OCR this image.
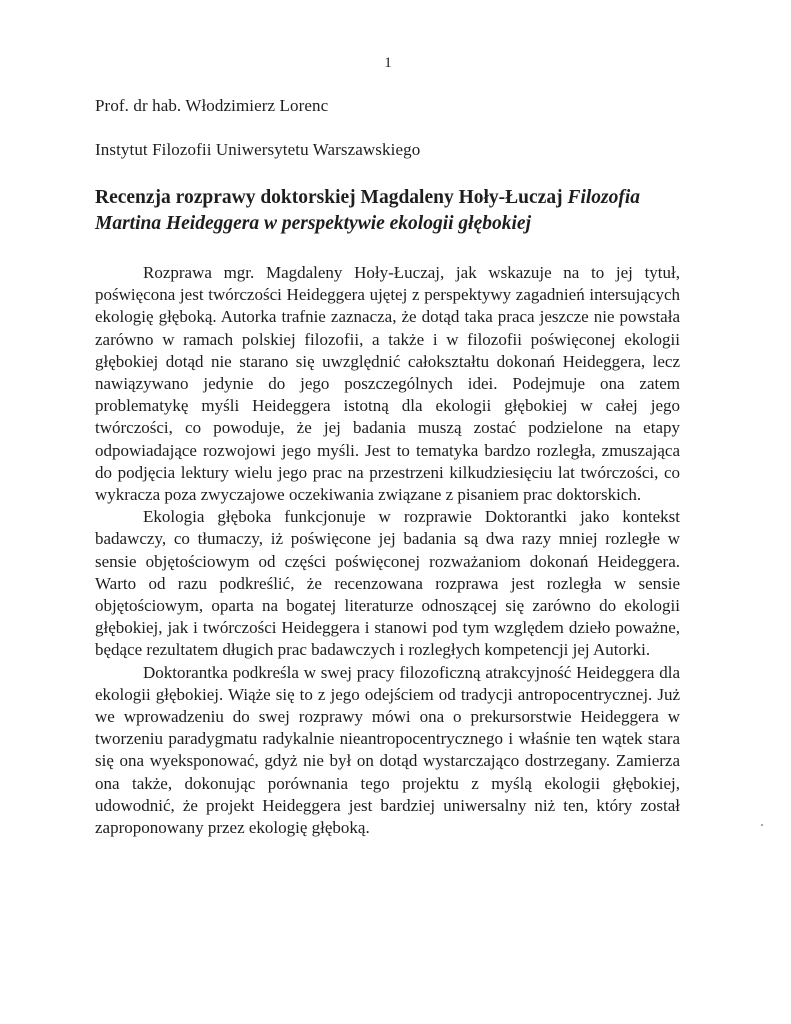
1
Prof. dr hab. Włodzimierz Lorenc
Instytut Filozofii Uniwersytetu Warszawskiego
Recenzja rozprawy doktorskiej Magdaleny Hoły-Łuczaj Filozofia Martina Heideggera w perspektywie ekologii głębokiej

Rozprawa mgr. Magdaleny Hoły-Łuczaj, jak wskazuje na to jej tytuł, poświęcona jest twórczości Heideggera ujętej z perspektywy zagadnień intersujących ekologię głęboką. Autorka trafnie zaznacza, że dotąd taka praca jeszcze nie powstała zarówno w ramach polskiej filozofii, a także i w filozofii poświęconej ekologii głębokiej dotąd nie starano się uwzględnić całokształtu dokonań Heideggera, lecz nawiązywano jedynie do jego poszczególnych idei. Podejmuje ona zatem problematykę myśli Heideggera istotną dla ekologii głębokiej w całej jego twórczości, co powoduje, że jej badania muszą zostać podzielone na etapy odpowiadające rozwojowi jego myśli. Jest to tematyka bardzo rozległa, zmuszająca do podjęcia lektury wielu jego prac na przestrzeni kilkudziesięciu lat twórczości, co wykracza poza zwyczajowe oczekiwania związane z pisaniem prac doktorskich.

Ekologia głęboka funkcjonuje w rozprawie Doktorantki jako kontekst badawczy, co tłumaczy, iż poświęcone jej badania są dwa razy mniej rozległe w sensie objętościowym od części poświęconej rozważaniom dokonań Heideggera. Warto od razu podkreślić, że recenzowana rozprawa jest rozległa w sensie objętościowym, oparta na bogatej literaturze odnoszącej się zarówno do ekologii głębokiej, jak i twórczości Heideggera i stanowi pod tym względem dzieło poważne, będące rezultatem długich prac badawczych i rozległych kompetencji jej Autorki.

Doktorantka podkreśla w swej pracy filozoficzną atrakcyjność Heideggera dla ekologii głębokiej. Wiąże się to z jego odejściem od tradycji antropocentrycznej. Już we wprowadzeniu do swej rozprawy mówi ona o prekursorstwie Heideggera w tworzeniu paradygmatu radykalnie nieantropocentrycznego i właśnie ten wątek stara się ona wyeksponować, gdyż nie był on dotąd wystarczająco dostrzegany. Zamierza ona także, dokonując porównania tego projektu z myślą ekologii głębokiej, udowodnić, że projekt Heideggera jest bardziej uniwersalny niż ten, który został zaproponowany przez ekologię głęboką.
